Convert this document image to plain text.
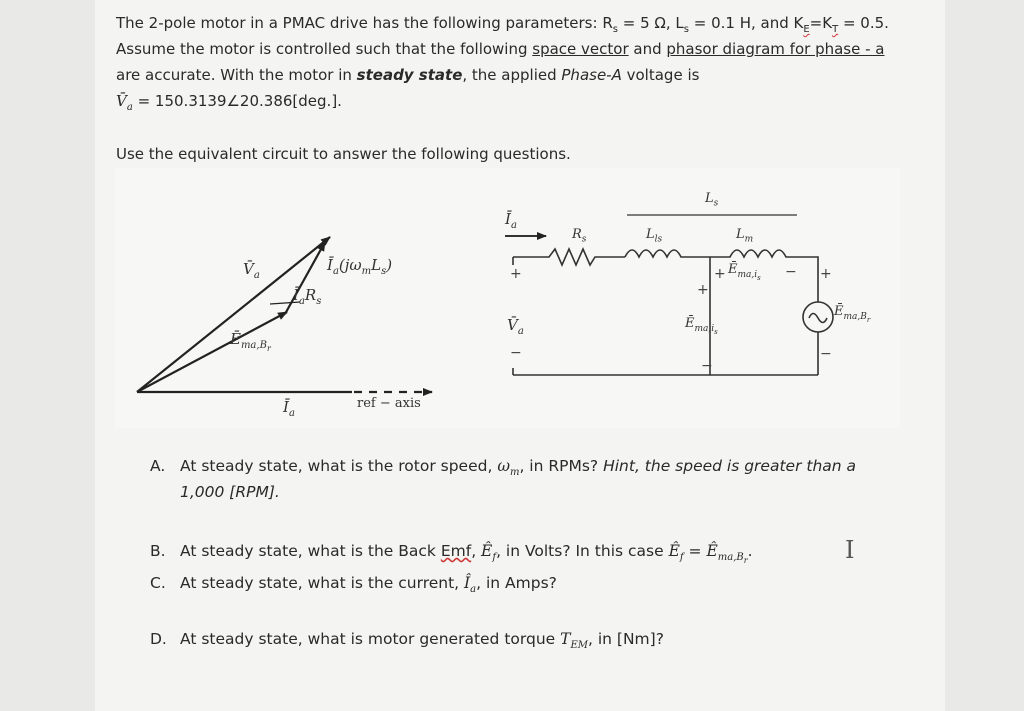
The 2-pole motor in a PMAC drive has the following parameters: $R_s = 5$ Ω, $L_s = 0.1$ H, and $K_E=K_T = 0.5$.
Assume the motor is controlled such that the following space vector and phasor diagram for phase - a
are accurate. With the motor in steady state, the applied Phase-A voltage is
$V̄_a$ = 150.3139∠20.386[deg.].
Use the equivalent circuit to answer the following questions.
$V̄_a$
$Ī_a(j\omega_mL_s)$
$Ī_aR_s$
$Ē_{ma,B_r}$
$Ī_a$
ref − axis
$Ī_a$
$R_s$	$L_{ls}$	$L_m$
$L_s$
$V̄_a$
$Ē_{ma,i_s}$
$Ē_{ma,i_s}$
$Ē_{ma,B_r}$
+
−
+	−
+
−
+
−
A. At steady state, what is the rotor speed, $\omega_m$, in RPMs? Hint, the speed is greater than a
1,000 [RPM].
B. At steady state, what is the Back Emf, $Ê_f$, in Volts? In this case $Ê_f$ = $Ê_{ma,B_r}$.
C. At steady state, what is the current, $Î_a$, in Amps?
D. At steady state, what is motor generated torque $T_{EM}$, in [Nm]?
I
